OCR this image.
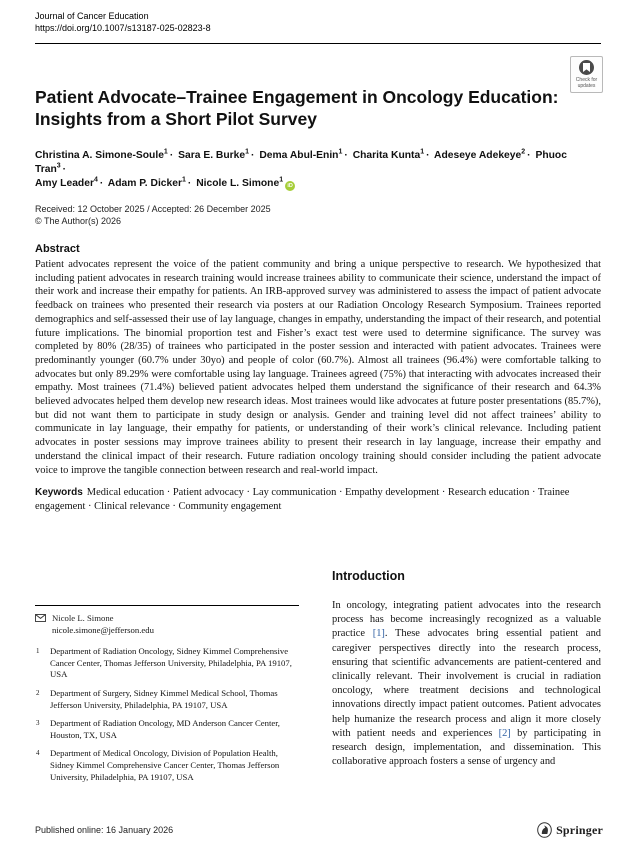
Journal of Cancer Education
https://doi.org/10.1007/s13187-025-02823-8
Check for
updates
Patient Advocate–Trainee Engagement in Oncology Education:
Insights from a Short Pilot Survey
Christina A. Simone-Soule$^1$ · Sara E. Burke$^1$ · Dema Abul-Enin$^1$ · Charita Kunta$^1$ · Adeseye Adekeye$^2$ · Phuoc Tran$^3$ ·
Amy Leader$^4$ · Adam P. Dicker$^1$ · Nicole L. Simone$^1$iD
Received: 12 October 2025 / Accepted: 26 December 2025
© The Author(s) 2026
Abstract
Patient advocates represent the voice of the patient community and bring a unique perspective to research. We hypothesized that including patient advocates in research training would increase trainees ability to communicate their science, understand the impact of their work and increase their empathy for patients. An IRB-approved survey was administered to assess the impact of patient advocate feedback on trainees who presented their research via posters at our Radiation Oncology Research Symposium. Trainees reported demographics and self-assessed their use of lay language, changes in empathy, understanding the impact of their research, and potential future implications. The binomial proportion test and Fisher’s exact test were used to determine significance. The survey was completed by 80% (28/35) of trainees who participated in the poster session and interacted with patient advocates. Trainees were predominantly younger (60.7% under 30yo) and people of color (60.7%). Almost all trainees (96.4%) were comfortable talking to advocates but only 89.29% were comfortable using lay language. Trainees agreed (75%) that interacting with advocates increased their empathy. Most trainees (71.4%) believed patient advocates helped them understand the significance of their research and 64.3% believed advocates helped them develop new research ideas. Most trainees would like advocates at future poster presentations (85.7%), but did not want them to participate in study design or analysis. Gender and training level did not affect trainees’ ability to communicate in lay language, their empathy for patients, or understanding of their work’s clinical relevance. Including patient advocates in poster sessions may improve trainees ability to present their research in lay language, increase their empathy and understand the clinical impact of their research. Future radiation oncology training should consider including the patient advocate voice to improve the tangible connection between research and real-world impact.
Keywords Medical education · Patient advocacy · Lay communication · Empathy development · Research education · Trainee engagement · Clinical relevance · Community engagement
Nicole L. Simone
nicole.simone@jefferson.edu
1 Department of Radiation Oncology, Sidney Kimmel Comprehensive Cancer Center, Thomas Jefferson University, Philadelphia, PA 19107, USA
2 Department of Surgery, Sidney Kimmel Medical School, Thomas Jefferson University, Philadelphia, PA 19107, USA
3 Department of Radiation Oncology, MD Anderson Cancer Center, Houston, TX, USA
4 Department of Medical Oncology, Division of Population Health, Sidney Kimmel Comprehensive Cancer Center, Thomas Jefferson University, Philadelphia, PA 19107, USA
Introduction
In oncology, integrating patient advocates into the research process has become increasingly recognized as a valuable practice [1]. These advocates bring essential patient and caregiver perspectives directly into the research process, ensuring that scientific advancements are patient-centered and clinically relevant. Their involvement is crucial in radiation oncology, where treatment decisions and technological innovations directly impact patient outcomes. Patient advocates help humanize the research process and align it more closely with patient needs and experiences [2] by participating in research design, implementation, and dissemination. This collaborative approach fosters a sense of urgency and
Published online: 16 January 2026	Springer
